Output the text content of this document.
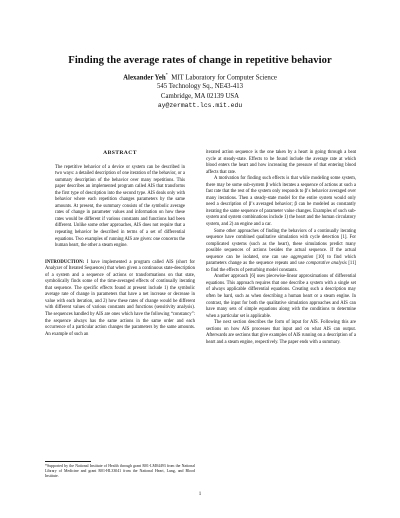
Finding the average rates of change in repetitive behavior
Alexander Yeh* MIT Laboratory for Computer Science
545 Technology Sq., NE43-413
Cambridge, MA 02139 USA
ay@zermatt.lcs.mit.edu
ABSTRACT

The repetitive behavior of a device or system can be described in two ways: a detailed description of one iteration of the behavior, or a summary description of the behavior over many repetitions. This paper describes an implemented program called AIS that transforms the first type of description into the second type. AIS deals only with behavior where each repetition changes parameters by the same amounts. At present, the summary consists of the symbolic average rates of change in parameter values and information on how these rates would be different if various constants and functions had been different. Unlike some other approaches, AIS does not require that a repeating behavior be described in terms of a set of differential equations. Two examples of running AIS are given: one concerns the human heart, the other a steam engine.

INTRODUCTION: I have implemented a program called AIS (short for Analyzer of Iterated Sequences) that when given a continuous state-description of a system and a sequence of actions or transformations on that state, symbolically finds some of the time-averaged effects of continually iterating that sequence. The specific effects found at present include 1) the symbolic average rate of change in parameters that have a net increase or decrease in value with each iteration, and 2) how these rates of change would be different with different values of various constants and functions (sensitivity analysis). The sequences handled by AIS are ones which have the following “constancy”: the sequence always has the same actions in the same order and each occurrence of a particular action changes the parameters by the same amounts. An example of such an

*Supported by the National Institute of Health through grant R01-LM04493 from the National Library of Medicine and grant R01-HL33041 from the National Heart, Lung, and Blood Institute.

iterated action sequence is the one taken by a heart in going through a beat cycle at steady-state. Effects to be found include the average rate at which blood enters the heart and how increasing the pressure of that entering blood affects that rate.

A motivation for finding such effects is that while modeling some system, there may be some sub-system β which iterates a sequence of actions at such a fast rate that the rest of the system only responds to β’s behavior averaged over many iterations. Then a steady-state model for the entire system would only need a description of β’s averaged behavior; β can be modeled as constantly iterating the same sequence of parameter value changes. Examples of such sub-system and system combinations include 1) the heart and the human circulatory system, and 2) an engine and a car.

Some other approaches of finding the behaviors of a continually iterating sequence have combined qualitative simulation with cycle detection [1]. For complicated systems (such as the heart), these simulations predict many possible sequences of actions besides the actual sequence. If the actual sequence can be isolated, one can use aggregation [10] to find which parameters change as the sequence repeats and use comparative analysis [11] to find the effects of perturbing model constants.

Another approach [6] uses piecewise-linear approximations of differential equations. This approach requires that one describe a system with a single set of always applicable differential equations. Creating such a description may often be hard, such as when describing a human heart or a steam engine. In contrast, the input for both the qualitative simulation approaches and AIS can have many sets of simple equations along with the conditions to determine when a particular set is applicable.

The next section describes the form of input for AIS. Following this are sections on how AIS processes that input and on what AIS can output. Afterwards are sections that give examples of AIS running on a description of a heart and a steam engine, respectively. The paper ends with a summary.

1
